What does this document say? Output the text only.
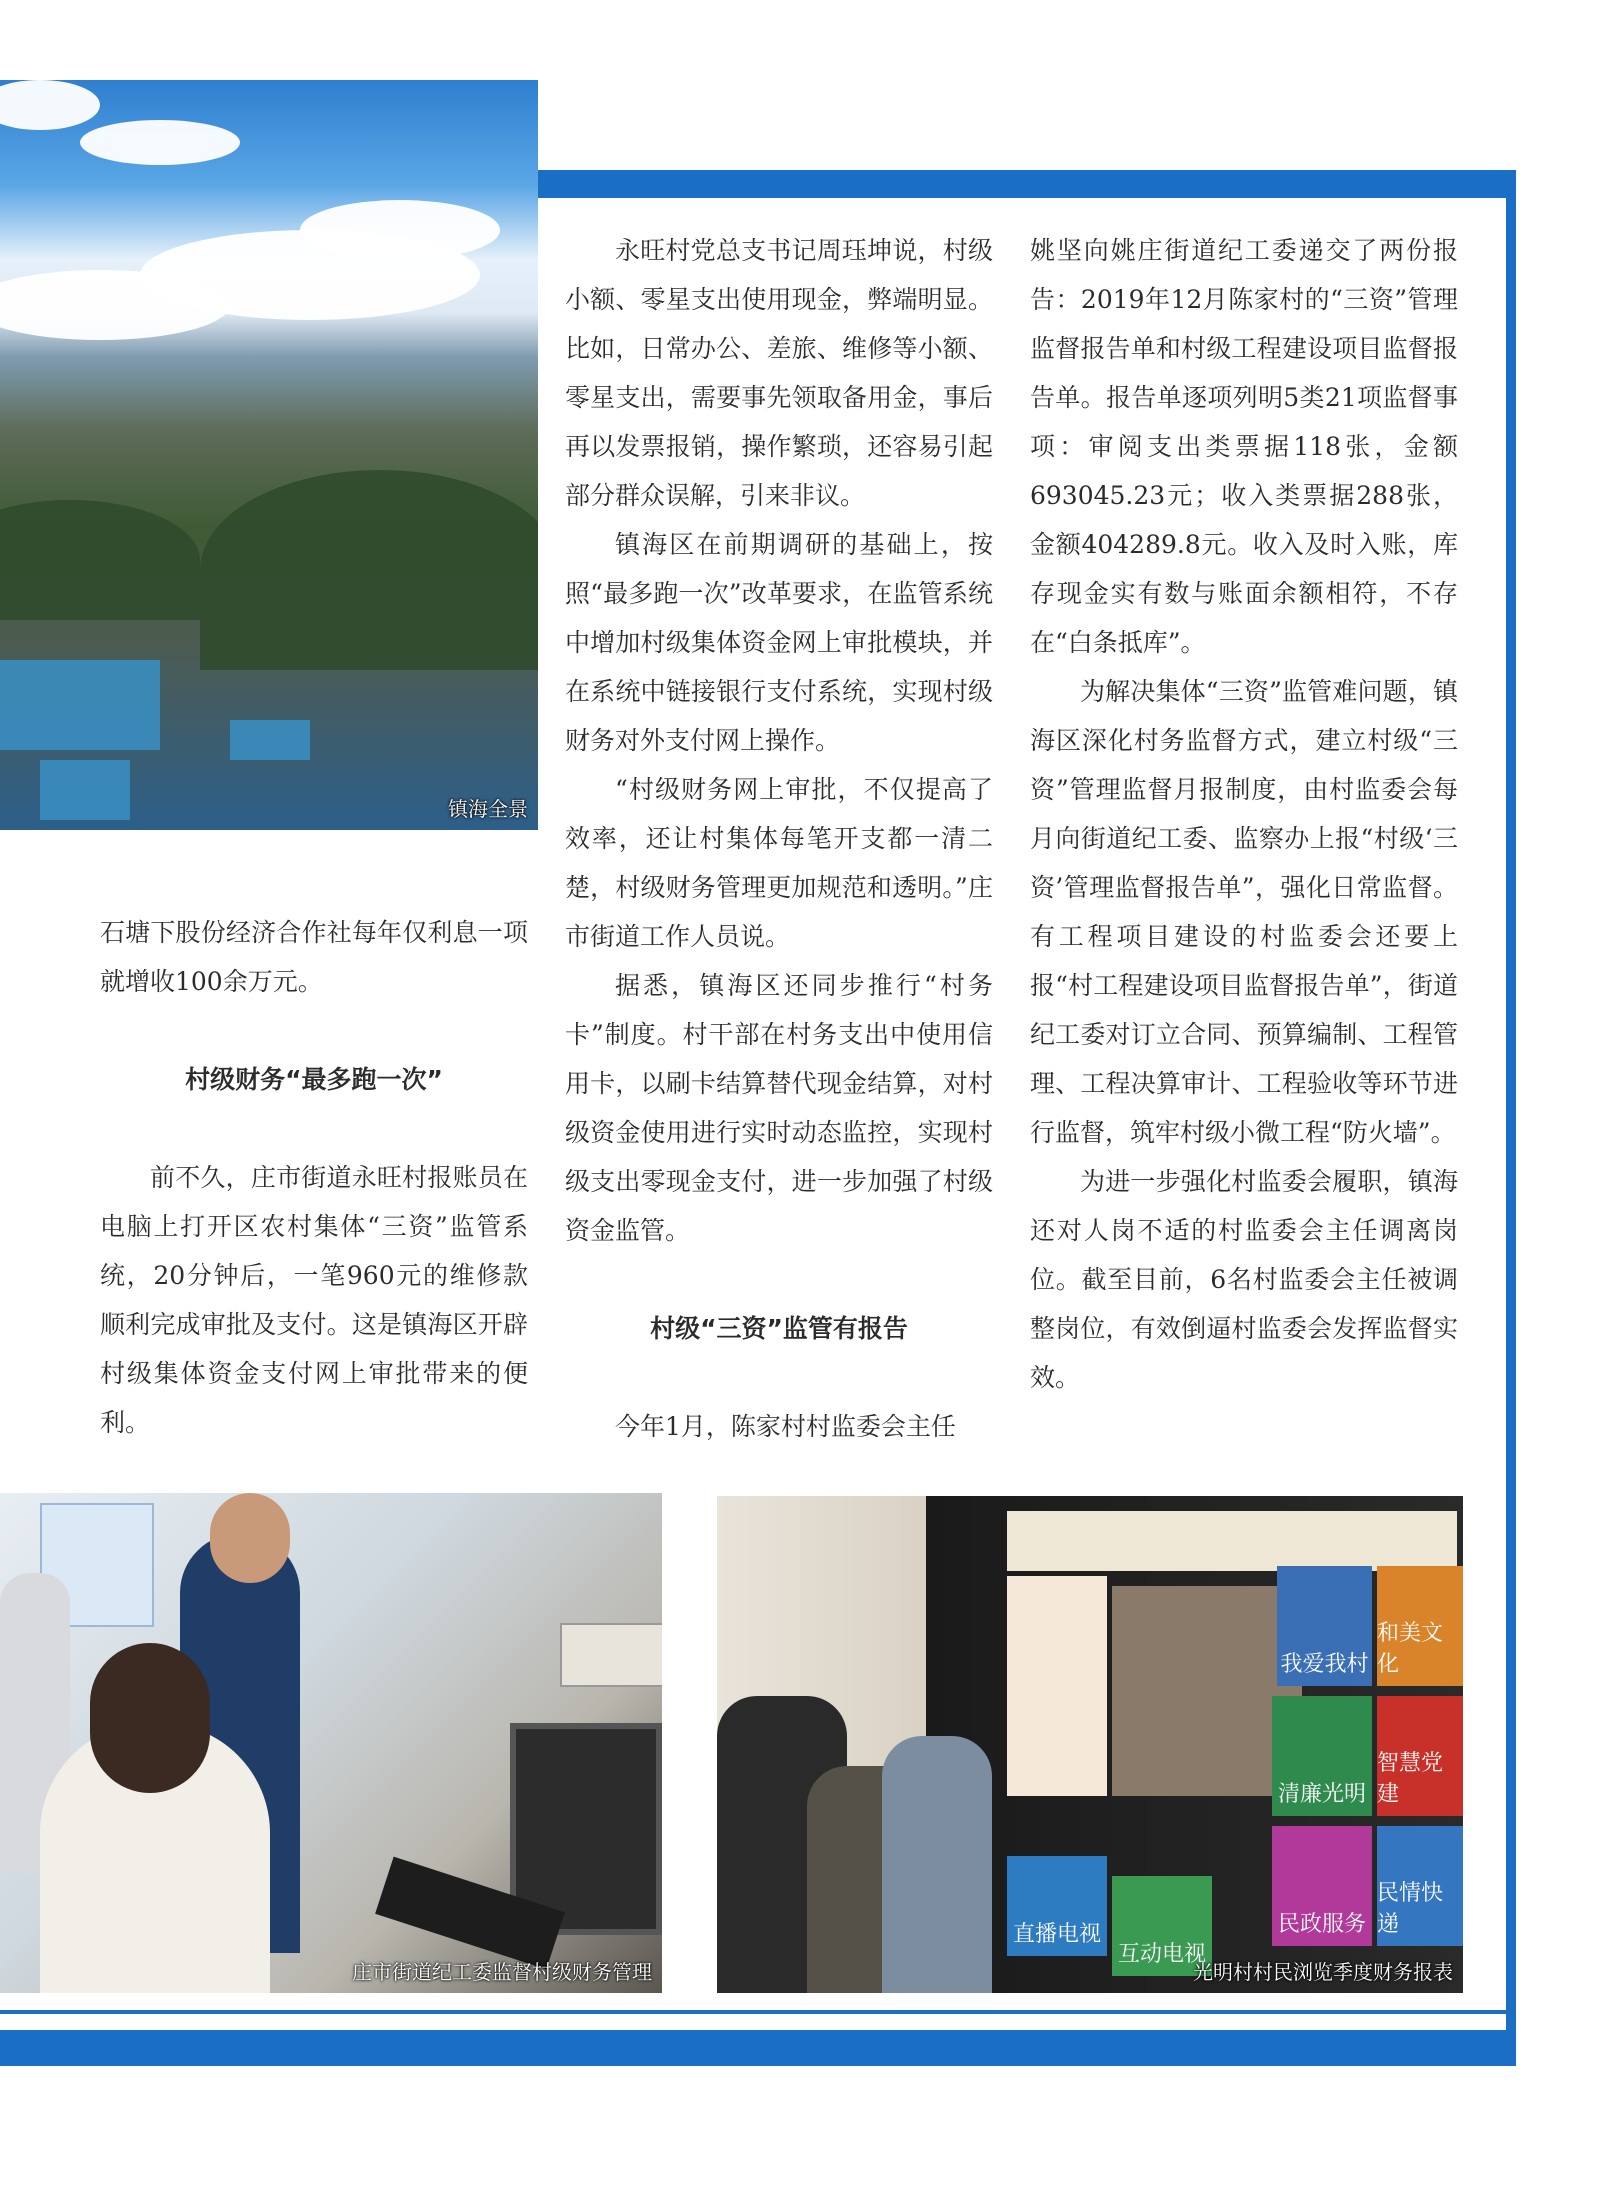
镇海全景

石塘下股份经济合作社每年仅利息一项就增收100余万元。

村级财务“最多跑一次”

前不久，庄市街道永旺村报账员在电脑上打开区农村集体“三资”监管系统，20分钟后，一笔960元的维修款顺利完成审批及支付。这是镇海区开辟村级集体资金支付网上审批带来的便利。

永旺村党总支书记周珏坤说，村级小额、零星支出使用现金，弊端明显。比如，日常办公、差旅、维修等小额、零星支出，需要事先领取备用金，事后再以发票报销，操作繁琐，还容易引起部分群众误解，引来非议。

镇海区在前期调研的基础上，按照“最多跑一次”改革要求，在监管系统中增加村级集体资金网上审批模块，并在系统中链接银行支付系统，实现村级财务对外支付网上操作。

“村级财务网上审批，不仅提高了效率，还让村集体每笔开支都一清二楚，村级财务管理更加规范和透明。”庄市街道工作人员说。

据悉，镇海区还同步推行“村务卡”制度。村干部在村务支出中使用信用卡，以刷卡结算替代现金结算，对村级资金使用进行实时动态监控，实现村级支出零现金支付，进一步加强了村级资金监管。

村级“三资”监管有报告

今年1月，陈家村村监委会主任

姚坚向姚庄街道纪工委递交了两份报告：2019年12月陈家村的“三资”管理监督报告单和村级工程建设项目监督报告单。报告单逐项列明5类21项监督事项：审阅支出类票据118张，金额693045.23元；收入类票据288张，金额404289.8元。收入及时入账，库存现金实有数与账面余额相符，不存在“白条抵库”。

为解决集体“三资”监管难问题，镇海区深化村务监督方式，建立村级“三资”管理监督月报制度，由村监委会每月向街道纪工委、监察办上报“村级‘三资’管理监督报告单”，强化日常监督。有工程项目建设的村监委会还要上报“村工程建设项目监督报告单”，街道纪工委对订立合同、预算编制、工程管理、工程决算审计、工程验收等环节进行监督，筑牢村级小微工程“防火墙”。

为进一步强化村监委会履职，镇海还对人岗不适的村监委会主任调离岗位。截至目前，6名村监委会主任被调整岗位，有效倒逼村监委会发挥监督实效。

庄市街道纪工委监督村级财务管理
我爱我村
和美文化
清廉光明
智慧党建
民政服务
民情快递
直播电视
互动电视
光明村村民浏览季度财务报表
